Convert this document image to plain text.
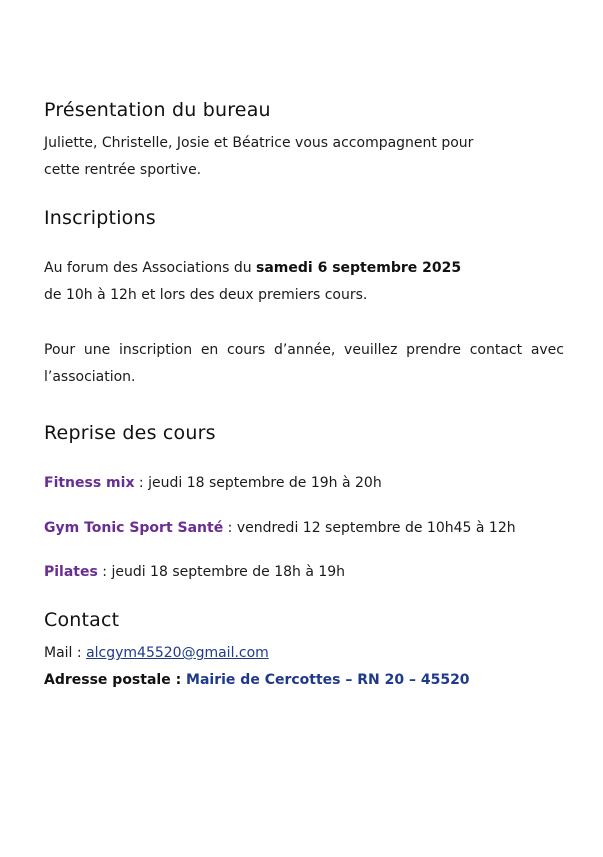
Présentation du bureau
Juliette, Christelle, Josie et Béatrice vous accompagnent pour
cette rentrée sportive.
Inscriptions
Au forum des Associations du samedi 6 septembre 2025
de 10h à 12h et lors des deux premiers cours.
Pour une inscription en cours d’année, veuillez prendre contact avec l’association.
Reprise des cours
Fitness mix : jeudi 18 septembre de 19h à 20h
Gym Tonic Sport Santé : vendredi 12 septembre de 10h45 à 12h
Pilates : jeudi 18 septembre de 18h à 19h
Contact
Mail : alcgym45520@gmail.com
Adresse postale : Mairie de Cercottes – RN 20 – 45520
